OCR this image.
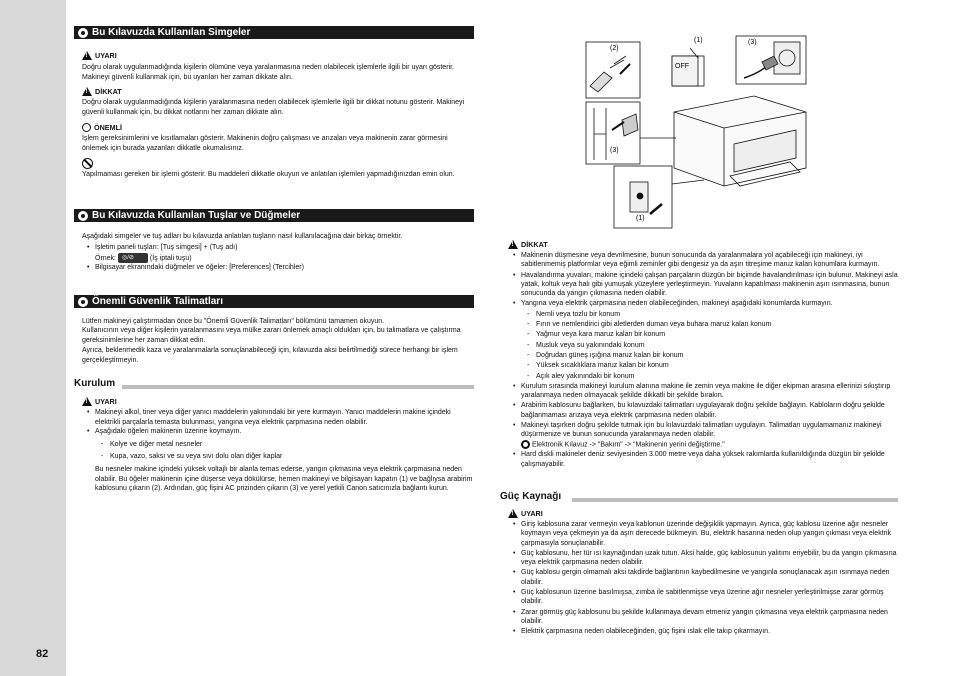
82
Bu Kılavuzda Kullanılan Simgeler
!
UYARI
Doğru olarak uygulanmadığında kişilerin ölümüne veya yaralanmasına neden olabilecek işlemlerle ilgili bir uyarı gösterir. Makineyi güvenli kullanmak için, bu uyarıları her zaman dikkate alın.
!
DİKKAT
Doğru olarak uygulanmadığında kişilerin yaralanmasına neden olabilecek işlemlerle ilgili bir dikkat notunu gösterir. Makineyi güvenli kullanmak için, bu dikkat notlarını her zaman dikkate alın.
ÖNEMLİ
İşlem gereksinimlerini ve kısıtlamaları gösterir. Makinenin doğru çalışması ve arızaları veya makinenin zarar görmesini önlemek için burada yazanları dikkatle okumalısınız.
Yapılmaması gereken bir işlemi gösterir. Bu maddeleri dikkatle okuyun ve anlatılan işlemleri yapmadığınızdan emin olun.
Bu Kılavuzda Kullanılan Tuşlar ve Düğmeler
Aşağıdaki simgeler ve tuş adları bu kılavuzda anlatılan tuşların nasıl kullanılacağına dair birkaç örnektir.
• İşletim paneli tuşları: [Tuş simgesi] + (Tuş adı)
Örnek: ◎/⊘	(İş iptali tuşu)
• Bilgisayar ekranındaki düğmeler ve öğeler: [Preferences] (Tercihler)
Önemli Güvenlik Talimatları
Lütfen makineyi çalıştırmadan önce bu "Önemli Güvenlik Talimatları" bölümünü tamamen okuyun.
Kullanıcının veya diğer kişilerin yaralanmasını veya mülke zararı önlemek amaçlı oldukları için, bu talimatlara ve çalıştırma gereksinimlerine her zaman dikkat edin.
Ayrıca, beklenmedik kaza ve yaralanmalarla sonuçlanabileceği için, kılavuzda aksi belirtilmediği sürece herhangi bir işlem gerçekleştirmeyin.
Kurulum
!
UYARI
• Makineyi alkol, tiner veya diğer yanıcı maddelerin yakınındaki bir yere kurmayın. Yanıcı maddelerin makine içindeki elektrikli parçalarla temasta bulunması, yangına veya elektrik çarpmasına neden olabilir.
• Aşağıdaki öğeleri makinenin üzerine koymayın.
- Kolye ve diğer metal nesneler
- Kupa, vazo, saksı ve su veya sıvı dolu olan diğer kaplar
Bu nesneler makine içindeki yüksek voltajlı bir alanla temas ederse, yangın çıkmasına veya elektrik çarpmasına neden olabilir. Bu öğeler makinenin içine düşerse veya dökülürse, hemen makineyi ve bilgisayarı kapatın (1) ve bağlıysa arabirim kablosunu çıkarın (2). Ardından, güç fişini AC prizinden çıkarın (3) ve yerel yetkili Canon satıcınızla bağlantı kurun.
(2)
(1)	(3)
OFF
(3)
(1)
!
DİKKAT
• Makinenin düşmesine veya devrilmesine, bunun sonucunda da yaralanmalara yol açabileceği için makineyi, iyi sabitlenmemiş platformlar veya eğimli zeminler gibi dengesiz ya da aşırı titreşime maruz kalan konumlara kurmayın.
• Havalandırma yuvaları, makine içindeki çalışan parçaların düzgün bir biçimde havalandırılması için bulunur. Makineyi asla yatak, koltuk veya halı gibi yumuşak yüzeylere yerleştirmeyin. Yuvaların kapatılması makinenin aşırı ısınmasına, bunun sonucunda da yangın çıkmasına neden olabilir.
• Yangına veya elektrik çarpmasına neden olabileceğinden, makineyi aşağıdaki konumlarda kurmayın.
- Nemli veya tozlu bir konum
- Fırın ve nemlendirici gibi aletlerden duman veya buhara maruz kalan konum
- Yağmur veya kara maruz kalan bir konum
- Musluk veya su yakınındaki konum
- Doğrudan güneş ışığına maruz kalan bir konum
- Yüksek sıcaklıklara maruz kalan bir konum
- Açık alev yakınındaki bir konum
• Kurulum sırasında makineyi kurulum alanına makine ile zemin veya makine ile diğer ekipman arasına ellerinizi sıkıştırıp yaralanmaya neden olmayacak şekilde dikkatli bir şekilde bırakın.
• Arabirim kablosunu bağlarken, bu kılavuzdaki talimatları uygulayarak doğru şekilde bağlayın. Kabloların doğru şekilde bağlanmaması arızaya veya elektrik çarpmasına neden olabilir.
• Makineyi taşırken doğru şekilde tutmak için bu kılavuzdaki talimatları uygulayın. Talimatları uygulamamanız makineyi düşürmenize ve bunun sonucunda yaralanmaya neden olabilir.
Elektronik Kılavuz -> "Bakım" -> "Makinenin yerini değiştirme."
• Hard diskli makineler deniz seviyesinden 3.000 metre veya daha yüksek rakımlarda kullanıldığında düzgün bir şekilde çalışmayabilir.
Güç Kaynağı
!
UYARI
• Giriş kablosuna zarar vermeyin veya kablonun üzerinde değişiklik yapmayın. Ayrıca, güç kablosu üzerine ağır nesneler koymayın veya çekmeyin ya da aşırı derecede bükmeyin. Bu, elektrik hasarına neden olup yangın çıkması veya elektrik çarpmasıyla sonuçlanabilir.
• Güç kablosunu, her tür ısı kaynağından uzak tutun. Aksi halde, güç kablosunun yalıtımı eriyebilir, bu da yangın çıkmasına veya elektrik çarpmasına neden olabilir.
• Güç kablosu gergin olmamalı aksi takdirde bağlantının kaybedilmesine ve yangınla sonuçlanacak aşırı ısınmaya neden olabilir.
• Güç kablosunun üzerine basılmışsa, zımba ile sabitlenmişse veya üzerine ağır nesneler yerleştirilmişse zarar görmüş olabilir.
• Zarar görmüş güç kablosunu bu şekilde kullanmaya devam etmeniz yangın çıkmasına veya elektrik çarpmasına neden olabilir.
• Elektrik çarpmasına neden olabileceğinden, güç fişini ıslak elle takıp çıkarmayın.
